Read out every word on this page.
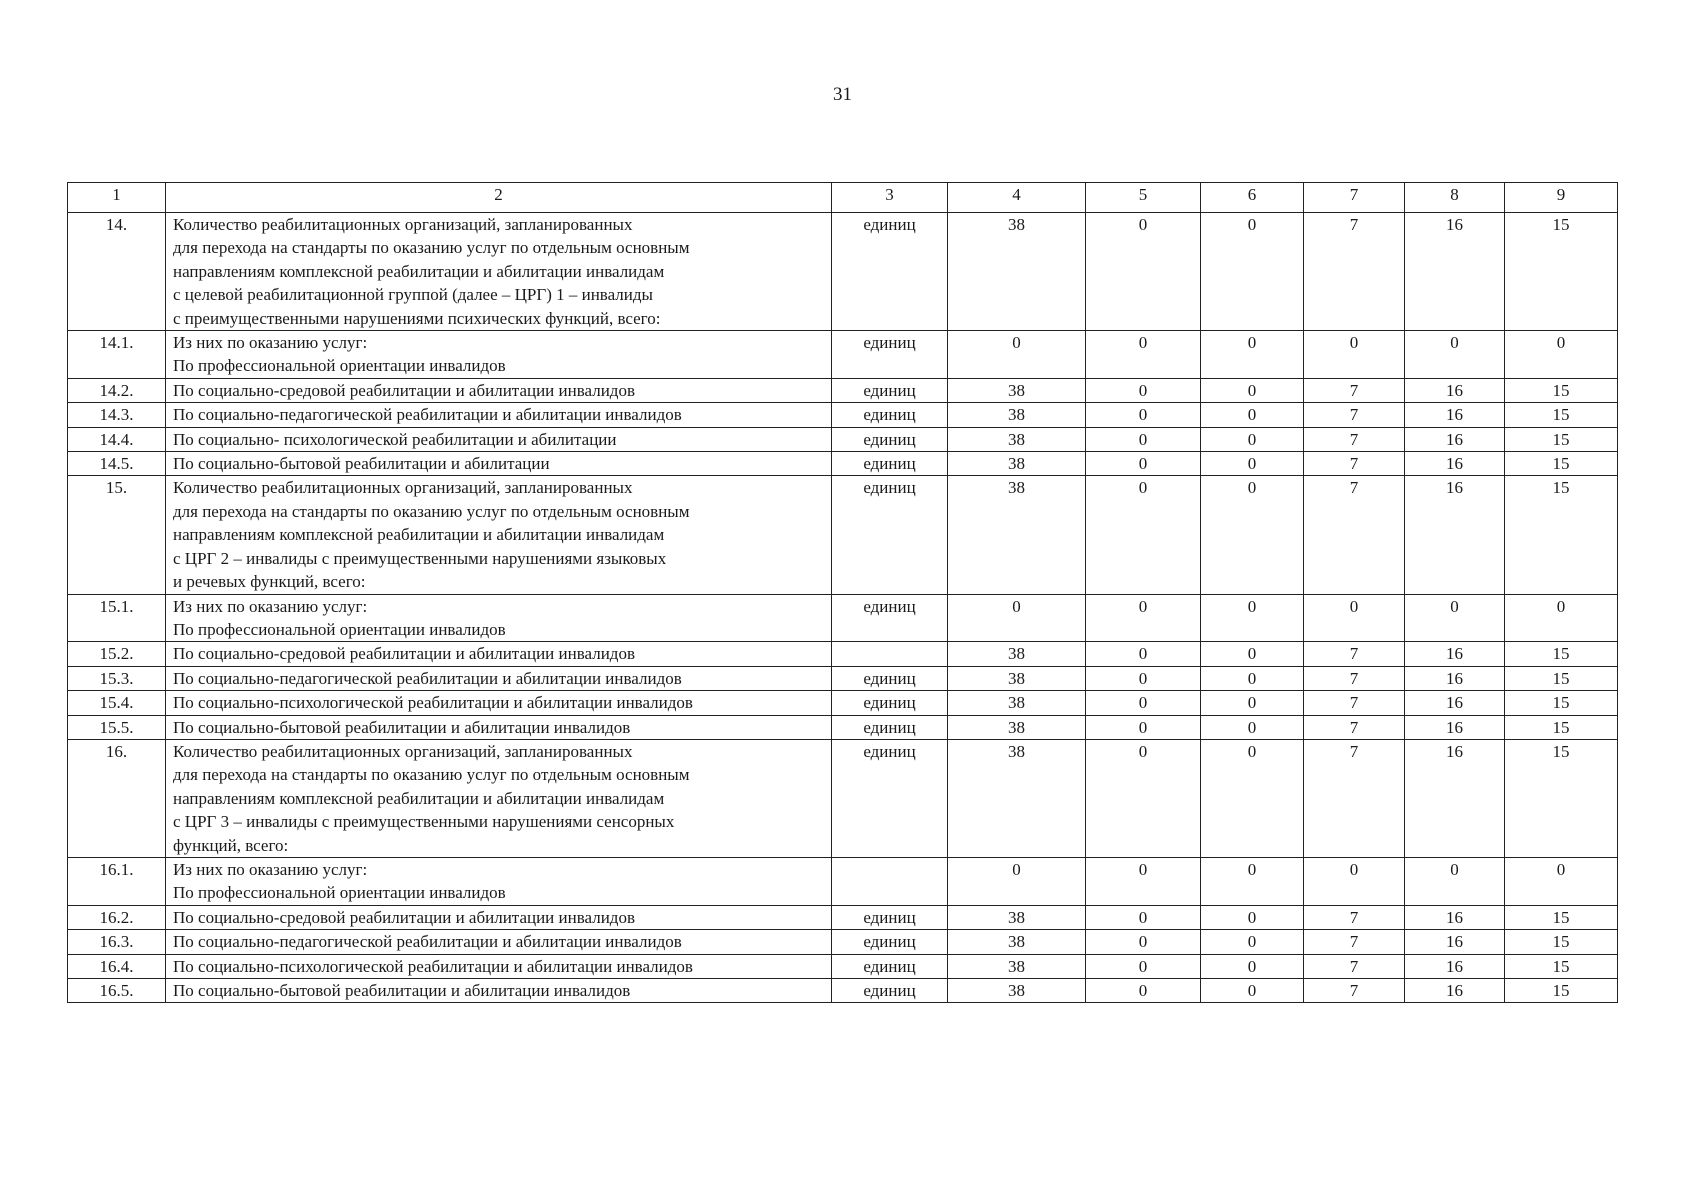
31
1	2	3	4	5	6	7	8	9
14.	Количество реабилитационных организаций, запланированных
для перехода на стандарты по оказанию услуг по отдельным основным
направлениям комплексной реабилитации и абилитации инвалидам
с целевой реабилитационной группой (далее – ЦРГ) 1 – инвалиды
с преимущественными нарушениями психических функций, всего:	единиц	38	0	0	7	16	15
14.1.	Из них по оказанию услуг:
По профессиональной ориентации инвалидов	единиц	0	0	0	0	0	0
14.2.	По социально-средовой реабилитации и абилитации инвалидов	единиц	38	0	0	7	16	15
14.3.	По социально-педагогической реабилитации и абилитации инвалидов	единиц	38	0	0	7	16	15
14.4.	По социально- психологической реабилитации и абилитации	единиц	38	0	0	7	16	15
14.5.	По социально-бытовой реабилитации и абилитации	единиц	38	0	0	7	16	15
15.	Количество реабилитационных организаций, запланированных
для перехода на стандарты по оказанию услуг по отдельным основным
направлениям комплексной реабилитации и абилитации инвалидам
с ЦРГ 2 – инвалиды с преимущественными нарушениями языковых
и речевых функций, всего:	единиц	38	0	0	7	16	15
15.1.	Из них по оказанию услуг:
По профессиональной ориентации инвалидов	единиц	0	0	0	0	0	0
15.2.	По социально-средовой реабилитации и абилитации инвалидов		38	0	0	7	16	15
15.3.	По социально-педагогической реабилитации и абилитации инвалидов	единиц	38	0	0	7	16	15
15.4.	По социально-психологической реабилитации и абилитации инвалидов	единиц	38	0	0	7	16	15
15.5.	По социально-бытовой реабилитации и абилитации инвалидов	единиц	38	0	0	7	16	15
16.	Количество реабилитационных организаций, запланированных
для перехода на стандарты по оказанию услуг по отдельным основным
направлениям комплексной реабилитации и абилитации инвалидам
с ЦРГ 3 – инвалиды с преимущественными нарушениями сенсорных
функций, всего:	единиц	38	0	0	7	16	15
16.1.	Из них по оказанию услуг:
По профессиональной ориентации инвалидов		0	0	0	0	0	0
16.2.	По социально-средовой реабилитации и абилитации инвалидов	единиц	38	0	0	7	16	15
16.3.	По социально-педагогической реабилитации и абилитации инвалидов	единиц	38	0	0	7	16	15
16.4.	По социально-психологической реабилитации и абилитации инвалидов	единиц	38	0	0	7	16	15
16.5.	По социально-бытовой реабилитации и абилитации инвалидов	единиц	38	0	0	7	16	15
